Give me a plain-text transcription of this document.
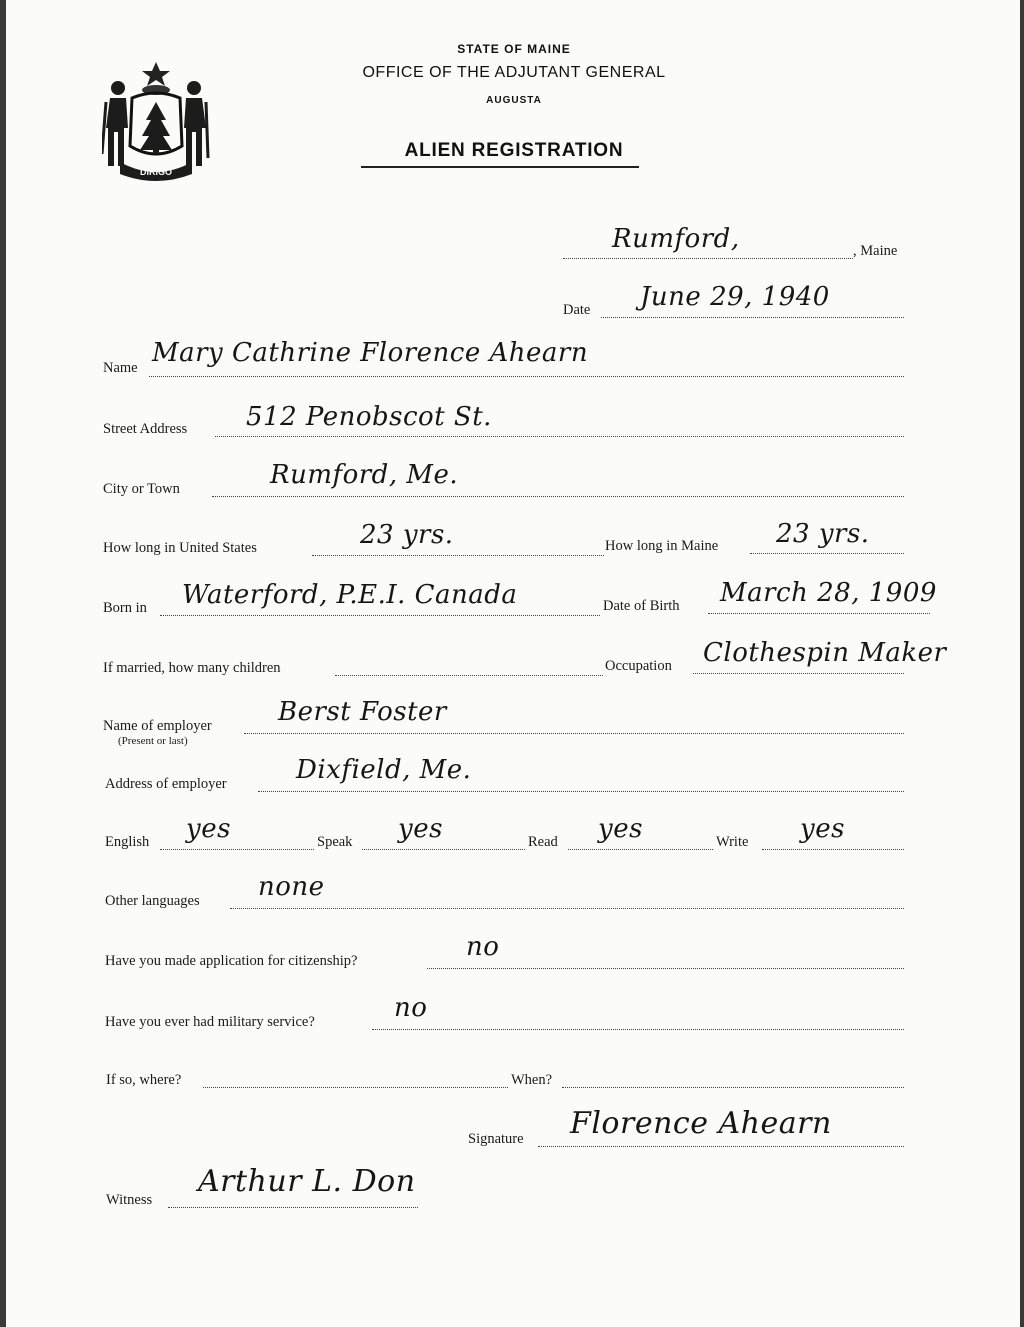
DIRIGO
STATE OF MAINE
OFFICE OF THE ADJUTANT GENERAL
AUGUSTA
ALIEN REGISTRATION
Rumford,	, Maine
Date June 29, 1940
Name Mary Cathrine Florence Ahearn
Street Address 512 Penobscot St.
City or Town	Rumford, Me.
How long in United States	23 yrs.	How long in Maine 23 yrs.
Born in Waterford, P.E.I. Canada	Date of Birth March 28, 1909
If married, how many children	Occupation Clothespin Maker
Name of employer
(Present or last)
Berst Foster
Address of employer	Dixfield, Me.
English yes	Speak yes	Read yes	Write yes
Other languages none
Have you made application for citizenship?	no
Have you ever had military service?	no
If so, where?	When?
Signature Florence Ahearn
Witness
Arthur L. Don
